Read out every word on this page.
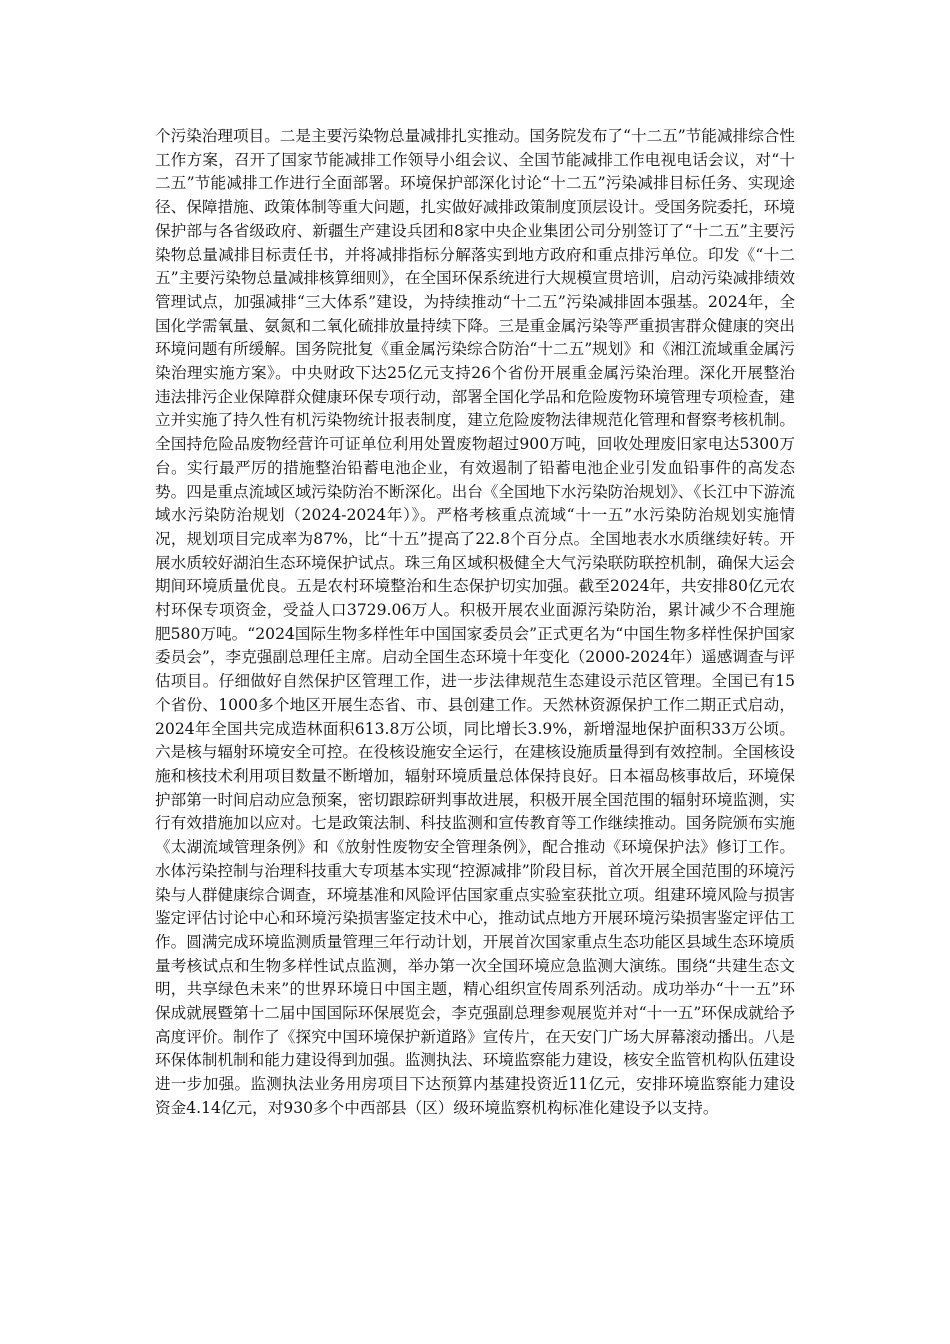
个污染治理项目。二是主要污染物总量减排扎实推动。国务院发布了“十二五”节能减排综合性工作方案，召开了国家节能减排工作领导小组会议、全国节能减排工作电视电话会议，对“十二五”节能减排工作进行全面部署。环境保护部深化讨论“十二五”污染减排目标任务、实现途径、保障措施、政策体制等重大问题，扎实做好减排政策制度顶层设计。受国务院委托，环境保护部与各省级政府、新疆生产建设兵团和8家中央企业集团公司分别签订了“十二五”主要污染物总量减排目标责任书，并将减排指标分解落实到地方政府和重点排污单位。印发《“十二五”主要污染物总量减排核算细则》，在全国环保系统进行大规模宣贯培训，启动污染减排绩效管理试点，加强减排“三大体系”建设，为持续推动“十二五”污染减排固本强基。2024年，全国化学需氧量、氨氮和二氧化硫排放量持续下降。三是重金属污染等严重损害群众健康的突出环境问题有所缓解。国务院批复《重金属污染综合防治“十二五”规划》和《湘江流域重金属污染治理实施方案》。中央财政下达25亿元支持26个省份开展重金属污染治理。深化开展整治违法排污企业保障群众健康环保专项行动，部署全国化学品和危险废物环境管理专项检查，建立并实施了持久性有机污染物统计报表制度，建立危险废物法律规范化管理和督察考核机制。全国持危险品废物经营许可证单位利用处置废物超过900万吨，回收处理废旧家电达5300万台。实行最严厉的措施整治铅蓄电池企业，有效遏制了铅蓄电池企业引发血铅事件的高发态势。四是重点流域区域污染防治不断深化。出台《全国地下水污染防治规划》、《长江中下游流域水污染防治规划（2024-2024年）》。严格考核重点流域“十一五”水污染防治规划实施情况，规划项目完成率为87%，比“十五”提高了22.8个百分点。全国地表水水质继续好转。开展水质较好湖泊生态环境保护试点。珠三角区域积极健全大气污染联防联控机制，确保大运会期间环境质量优良。五是农村环境整治和生态保护切实加强。截至2024年，共安排80亿元农村环保专项资金，受益人口3729.06万人。积极开展农业面源污染防治，累计减少不合理施肥580万吨。“2024国际生物多样性年中国国家委员会”正式更名为“中国生物多样性保护国家委员会”，李克强副总理任主席。启动全国生态环境十年变化（2000-2024年）遥感调查与评估项目。仔细做好自然保护区管理工作，进一步法律规范生态建设示范区管理。全国已有15个省份、1000多个地区开展生态省、市、县创建工作。天然林资源保护工作二期正式启动，2024年全国共完成造林面积613.8万公顷，同比增长3.9%，新增湿地保护面积33万公顷。六是核与辐射环境安全可控。在役核设施安全运行，在建核设施质量得到有效控制。全国核设施和核技术利用项目数量不断增加，辐射环境质量总体保持良好。日本福岛核事故后，环境保护部第一时间启动应急预案，密切跟踪研判事故进展，积极开展全国范围的辐射环境监测，实行有效措施加以应对。七是政策法制、科技监测和宣传教育等工作继续推动。国务院颁布实施《太湖流域管理条例》和《放射性废物安全管理条例》，配合推动《环境保护法》修订工作。水体污染控制与治理科技重大专项基本实现“控源减排”阶段目标，首次开展全国范围的环境污染与人群健康综合调查，环境基准和风险评估国家重点实验室获批立项。组建环境风险与损害鉴定评估讨论中心和环境污染损害鉴定技术中心，推动试点地方开展环境污染损害鉴定评估工作。圆满完成环境监测质量管理三年行动计划，开展首次国家重点生态功能区县域生态环境质量考核试点和生物多样性试点监测，举办第一次全国环境应急监测大演练。围绕“共建生态文明，共享绿色未来”的世界环境日中国主题，精心组织宣传周系列活动。成功举办“十一五”环保成就展暨第十二届中国国际环保展览会，李克强副总理参观展览并对“十一五”环保成就给予高度评价。制作了《探究中国环境保护新道路》宣传片，在天安门广场大屏幕滚动播出。八是环保体制机制和能力建设得到加强。监测执法、环境监察能力建设，核安全监管机构队伍建设进一步加强。监测执法业务用房项目下达预算内基建投资近11亿元，安排环境监察能力建设资金4.14亿元，对930多个中西部县（区）级环境监察机构标准化建设予以支持。
